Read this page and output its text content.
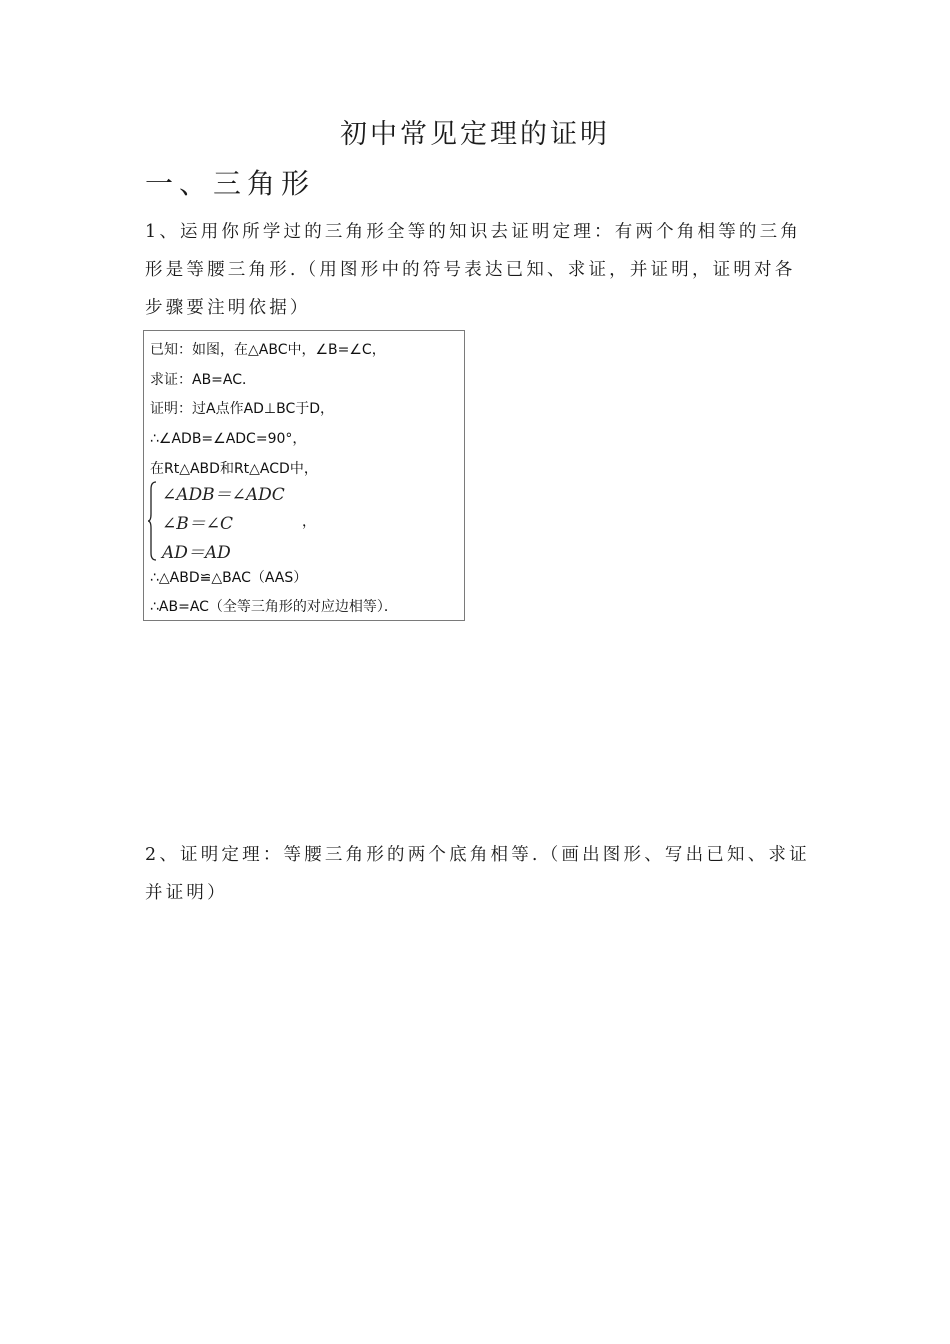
初中常见定理的证明
一、三角形
1、运用你所学过的三角形全等的知识去证明定理：有两个角相等的三角形是等腰三角形.（用图形中的符号表达已知、求证，并证明，证明对各步骤要注明依据）
已知：如图，在△ABC中，∠B=∠C，
求证：AB=AC．
证明：过A点作AD⊥BC于D，
∴∠ADB=∠ADC=90°，
在Rt△ABD和Rt△ACD中，
∠ADB＝∠ADC
∠B＝∠C	，
AD＝AD
∴△ABD≌△BAC（AAS）
∴AB=AC（全等三角形的对应边相等）．
2、证明定理：等腰三角形的两个底角相等.（画出图形、写出已知、求证并证明）
